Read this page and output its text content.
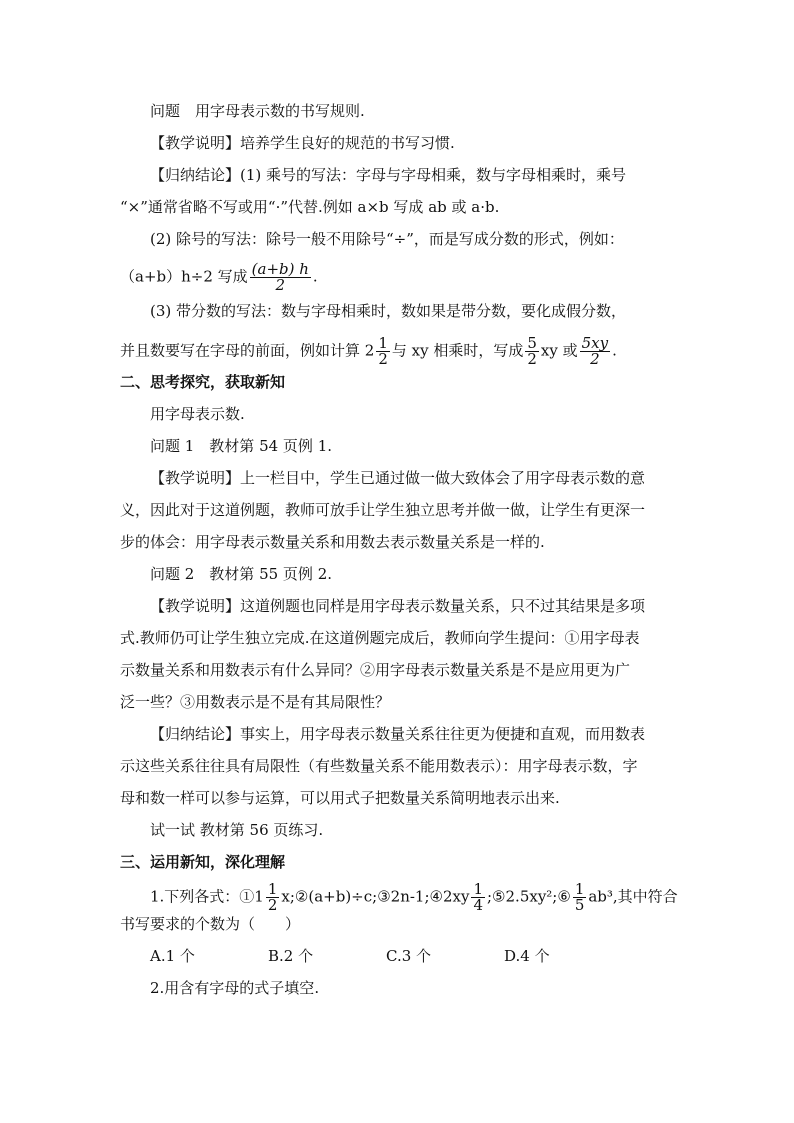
问题　用字母表示数的书写规则.
【教学说明】培养学生良好的规范的书写习惯.
【归纳结论】(1) 乘号的写法：字母与字母相乘，数与字母相乘时，乘号
“×”通常省略不写或用“·”代替.例如 a×b 写成 ab 或 a·b.
(2) 除号的写法：除号一般不用除号“÷”，而是写成分数的形式，例如：
（a+b）h÷2 写成 $\frac{(a+b) h}{2}$ .
(3) 带分数的写法：数与字母相乘时，数如果是带分数，要化成假分数，
并且数要写在字母的前面，例如计算 $2 \frac{1}{2}$ 与 xy 相乘时，写成 $\frac{5}{2}$ xy 或 $\frac{5xy}{2}$ .
二、思考探究，获取新知
用字母表示数.
问题 1　教材第 54 页例 1.
【教学说明】上一栏目中，学生已通过做一做大致体会了用字母表示数的意
义，因此对于这道例题，教师可放手让学生独立思考并做一做，让学生有更深一
步的体会：用字母表示数量关系和用数去表示数量关系是一样的.
问题 2　教材第 55 页例 2.
【教学说明】这道例题也同样是用字母表示数量关系，只不过其结果是多项
式.教师仍可让学生独立完成.在这道例题完成后，教师向学生提问：①用字母表
示数量关系和用数表示有什么异同？②用字母表示数量关系是不是应用更为广
泛一些？③用数表示是不是有其局限性？
【归纳结论】事实上，用字母表示数量关系往往更为便捷和直观，而用数表
示这些关系往往具有局限性（有些数量关系不能用数表示）：用字母表示数，字
母和数一样可以参与运算，可以用式子把数量关系简明地表示出来.
试一试 教材第 56 页练习.
三、运用新知，深化理解
1.下列各式：①1 $\frac{1}{2}$ x;②(a+b)÷c;③2n-1;④2xy $\frac{1}{4}$ ;⑤2.5xy²;⑥ $\frac{1}{5} ab^3$,其中符合
书写要求的个数为（　　）
A.1 个	B.2 个	C.3 个	D.4 个
2.用含有字母的式子填空.
